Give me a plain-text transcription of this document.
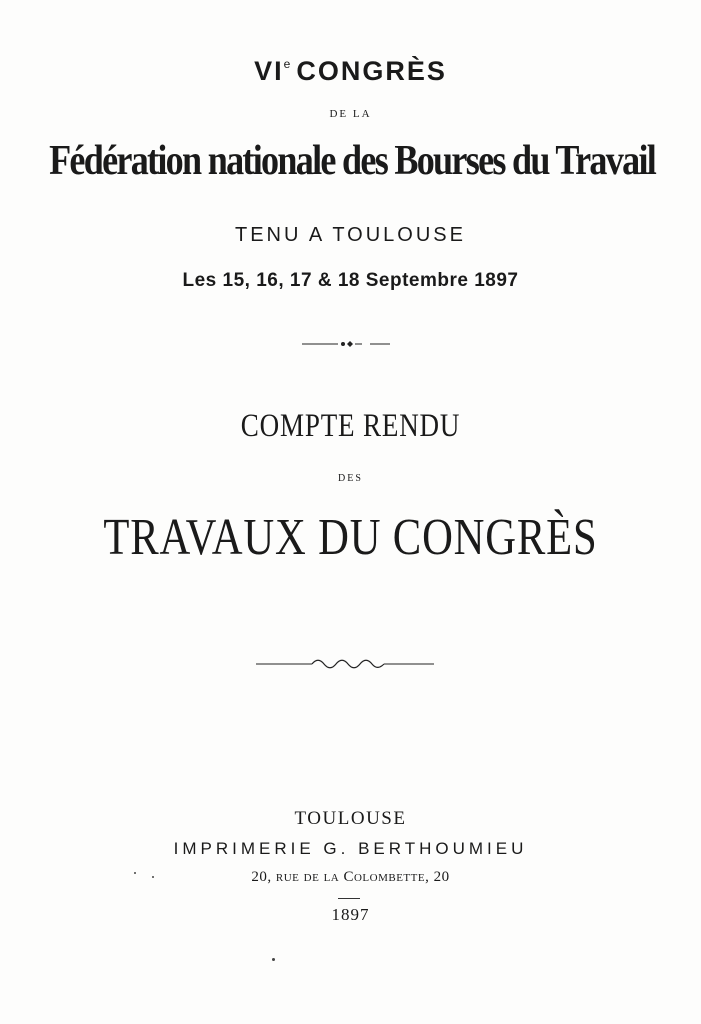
VIe CONGRÈS
DE LA
Fédération nationale des Bourses du Travail
TENU A TOULOUSE
Les 15, 16, 17 & 18 Septembre 1897
COMPTE RENDU
DES
TRAVAUX DU CONGRÈS
TOULOUSE
IMPRIMERIE G. BERTHOUMIEU
20, rue de la Colombette, 20
1897
